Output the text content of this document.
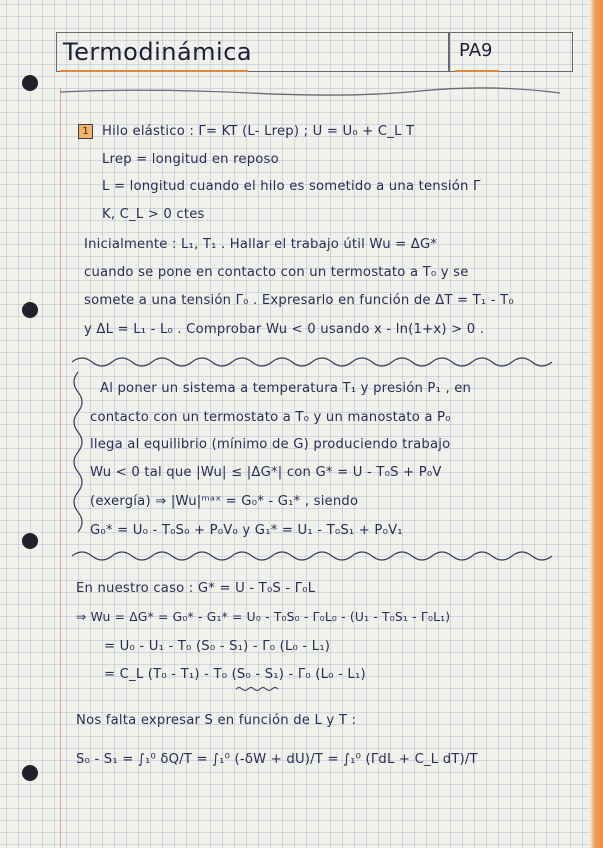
Termodinámica	PA9
1	Hilo elástico : Γ= KT (L- Lrep) ; U = U₀ + C_L T
Lrep = longitud en reposo
L = longitud cuando el hilo es sometido a una tensión Γ
K, C_L > 0 ctes
Inicialmente : L₁, T₁ . Hallar el trabajo útil Wu = ΔG*
cuando se pone en contacto con un termostato a T₀ y se
somete a una tensión Γ₀ . Expresarlo en función de ΔT = T₁ - T₀
y ΔL = L₁ - L₀ . Comprobar Wu < 0 usando x - ln(1+x) > 0 .
Al poner un sistema a temperatura T₁ y presión P₁ , en
contacto con un termostato a T₀ y un manostato a P₀
llega al equilibrio (mínimo de G) produciendo trabajo
Wu < 0 tal que |Wu| ≤ |ΔG*| con G* = U - T₀S + P₀V
(exergía) ⇒ |Wu|ᵐᵃˣ = G₀* - G₁* , siendo
G₀* = U₀ - T₀S₀ + P₀V₀ y G₁* = U₁ - T₀S₁ + P₀V₁
En nuestro caso : G* = U - T₀S - Γ₀L
⇒ Wu = ΔG* = G₀* - G₁* = U₀ - T₀S₀ - Γ₀L₀ - (U₁ - T₀S₁ - Γ₀L₁)
= U₀ - U₁ - T₀ (S₀ - S₁) - Γ₀ (L₀ - L₁)
= C_L (T₀ - T₁) - T₀ (S₀ - S₁) - Γ₀ (L₀ - L₁)
Nos falta expresar S en función de L y T :
S₀ - S₁ = ∫₁⁰ δQ/T = ∫₁⁰ (-δW + dU)/T = ∫₁⁰ (ΓdL + C_L dT)/T
